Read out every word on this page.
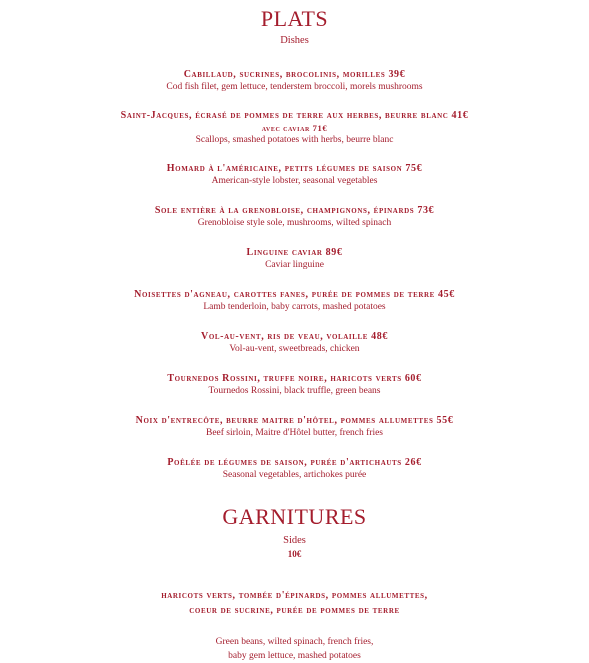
PLATS

Dishes

Cabillaud, sucrines, brocolinis, morilles 39€
Cod fish filet, gem lettuce, tenderstem broccoli, morels mushrooms
Saint-Jacques, écrasé de pommes de terre aux herbes, beurre blanc 41€
avec caviar 71€
Scallops, smashed potatoes with herbs, beurre blanc
Homard à l'américaine, petits légumes de saison 75€
American-style lobster, seasonal vegetables
Sole entière à la grenobloise, champignons, épinards 73€
Grenobloise style sole, mushrooms, wilted spinach
Linguine caviar 89€
Caviar linguine
Noisettes d'agneau, carottes fanes, purée de pommes de terre 45€
Lamb tenderloin, baby carrots, mashed potatoes
Vol-au-vent, ris de veau, volaille 48€
Vol-au-vent, sweetbreads, chicken
Tournedos Rossini, truffe noire, haricots verts 60€
Tournedos Rossini, black truffle, green beans
Noix d'entrecôte, beurre maitre d'hôtel, pommes allumettes 55€
Beef sirloin, Maitre d'Hôtel butter, french fries
Poêlée de légumes de saison, purée d'artichauts 26€
Seasonal vegetables, artichokes purée
GARNITURES

Sides

10€
haricots verts, tombée d'épinards, pommes allumettes,
coeur de sucrine, purée de pommes de terre
Green beans, wilted spinach, french fries,
baby gem lettuce, mashed potatoes
